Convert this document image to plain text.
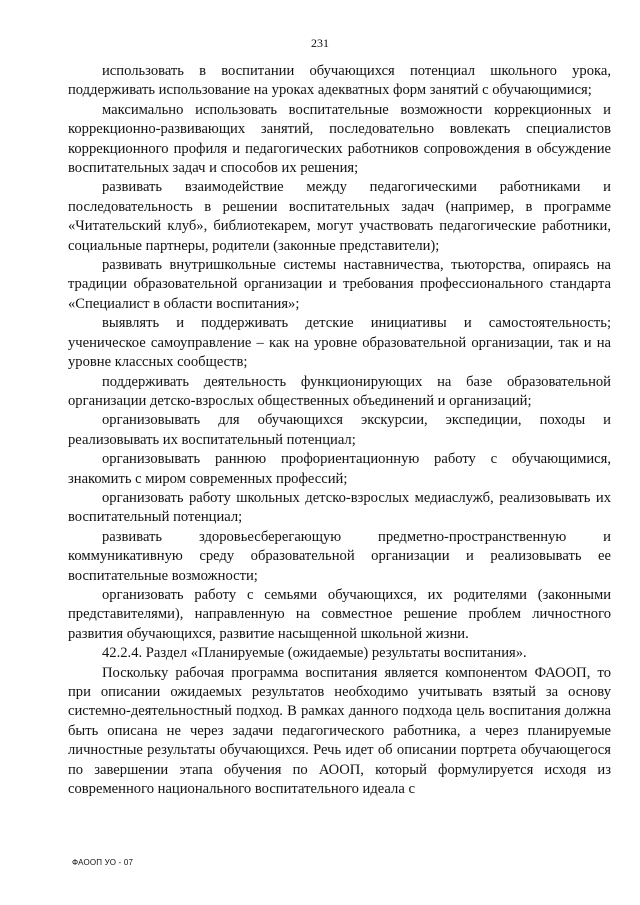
231

использовать в воспитании обучающихся потенциал школьного урока, поддерживать использование на уроках адекватных форм занятий с обучающимися;

максимально использовать воспитательные возможности коррекционных и коррекционно-развивающих занятий, последовательно вовлекать специалистов коррекционного профиля и педагогических работников сопровождения в обсуждение воспитательных задач и способов их решения;

развивать взаимодействие между педагогическими работниками и последовательность в решении воспитательных задач (например, в программе «Читательский клуб», библиотекарем, могут участвовать педагогические работники, социальные партнеры, родители (законные представители);

развивать внутришкольные системы наставничества, тьюторства, опираясь на традиции образовательной организации и требования профессионального стандарта «Специалист в области воспитания»;

выявлять и поддерживать детские инициативы и самостоятельность; ученическое самоуправление – как на уровне образовательной организации, так и на уровне классных сообществ;

поддерживать деятельность функционирующих на базе образовательной организации детско-взрослых общественных объединений и организаций;

организовывать для обучающихся экскурсии, экспедиции, походы и реализовывать их воспитательный потенциал;

организовывать раннюю профориентационную работу с обучающимися, знакомить с миром современных профессий;

организовать работу школьных детско-взрослых медиаслужб, реализовывать их воспитательный потенциал;

развивать здоровьесберегающую предметно-пространственную и коммуникативную среду образовательной организации и реализовывать ее воспитательные возможности;

организовать работу с семьями обучающихся, их родителями (законными представителями), направленную на совместное решение проблем личностного развития обучающихся, развитие насыщенной школьной жизни.

42.2.4. Раздел «Планируемые (ожидаемые) результаты воспитания».

Поскольку рабочая программа воспитания является компонентом ФАООП, то при описании ожидаемых результатов необходимо учитывать взятый за основу системно-деятельностный подход. В рамках данного подхода цель воспитания должна быть описана не через задачи педагогического работника, а через планируемые личностные результаты обучающихся. Речь идет об описании портрета обучающегося по завершении этапа обучения по АООП, который формулируется исходя из современного национального воспитательного идеала с

ФАООП УО - 07
